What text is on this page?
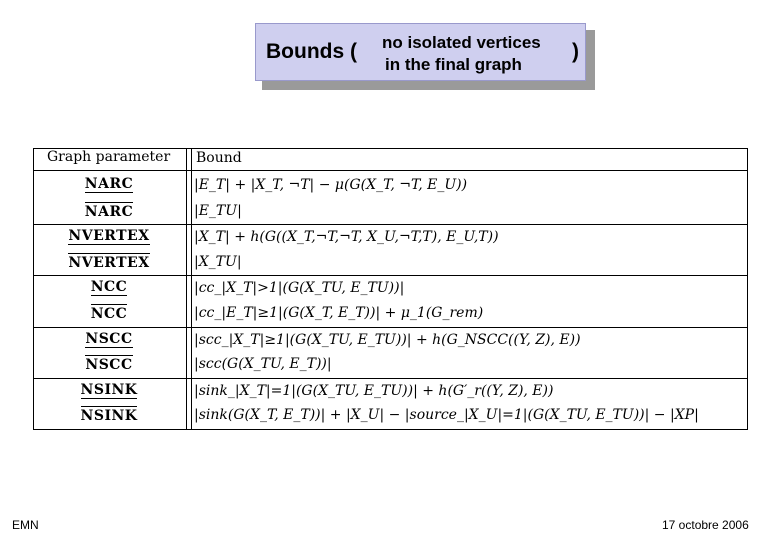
Bounds ( no isolated vertices
in the final graph
)
Graph parameter Bound
NARC	|E_T| + |X_T, ¬T| − μ(G(X_T, ¬T, E_U))
NARC	|E_TU|
NVERTEX	|X_T| + h(G((X_T,¬T,¬T, X_U,¬T,T), E_U,T))
NVERTEX	|X_TU|
NCC	|cc_|X_T|>1|(G(X_TU, E_TU))|
NCC	|cc_|E_T|≥1|(G(X_T, E_T))| + μ_1(G_rem)
NSCC	|scc_|X_T|≥1|(G(X_TU, E_TU))| + h(G_NSCC((Y, Z), E))
NSCC	|scc(G(X_TU, E_T))|
NSINK	|sink_|X_T|=1|(G(X_TU, E_TU))| + h(G′_r((Y, Z), E))
NSINK	|sink(G(X_T, E_T))| + |X_U| − |source_|X_U|=1|(G(X_TU, E_TU))| − |XP|
EMN	17 octobre 2006
